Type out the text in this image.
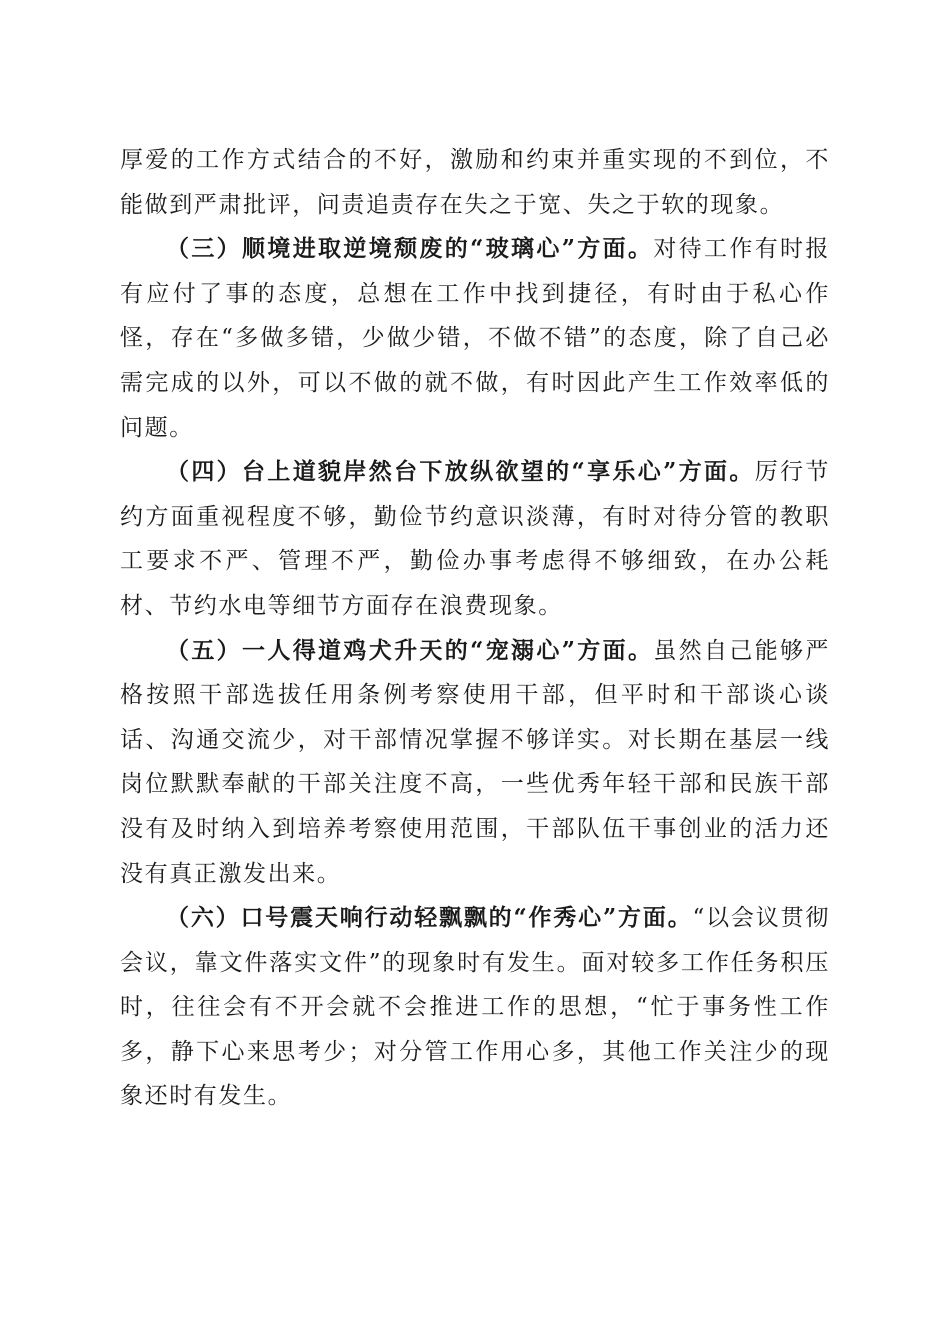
厚爱的工作方式结合的不好，激励和约束并重实现的不到位，不能做到严肃批评，问责追责存在失之于宽、失之于软的现象。

（三）顺境进取逆境颓废的“玻璃心”方面。对待工作有时报有应付了事的态度，总想在工作中找到捷径，有时由于私心作怪，存在“多做多错，少做少错，不做不错”的态度，除了自己必需完成的以外，可以不做的就不做，有时因此产生工作效率低的问题。

（四）台上道貌岸然台下放纵欲望的“享乐心”方面。厉行节约方面重视程度不够，勤俭节约意识淡薄，有时对待分管的教职工要求不严、管理不严，勤俭办事考虑得不够细致，在办公耗材、节约水电等细节方面存在浪费现象。

（五）一人得道鸡犬升天的“宠溺心”方面。虽然自己能够严格按照干部选拔任用条例考察使用干部，但平时和干部谈心谈话、沟通交流少，对干部情况掌握不够详实。对长期在基层一线岗位默默奉献的干部关注度不高，一些优秀年轻干部和民族干部没有及时纳入到培养考察使用范围，干部队伍干事创业的活力还没有真正激发出来。

（六）口号震天响行动轻飘飘的“作秀心”方面。“以会议贯彻会议，靠文件落实文件”的现象时有发生。面对较多工作任务积压时，往往会有不开会就不会推进工作的思想，“忙于事务性工作多，静下心来思考少；对分管工作用心多，其他工作关注少的现象还时有发生。
